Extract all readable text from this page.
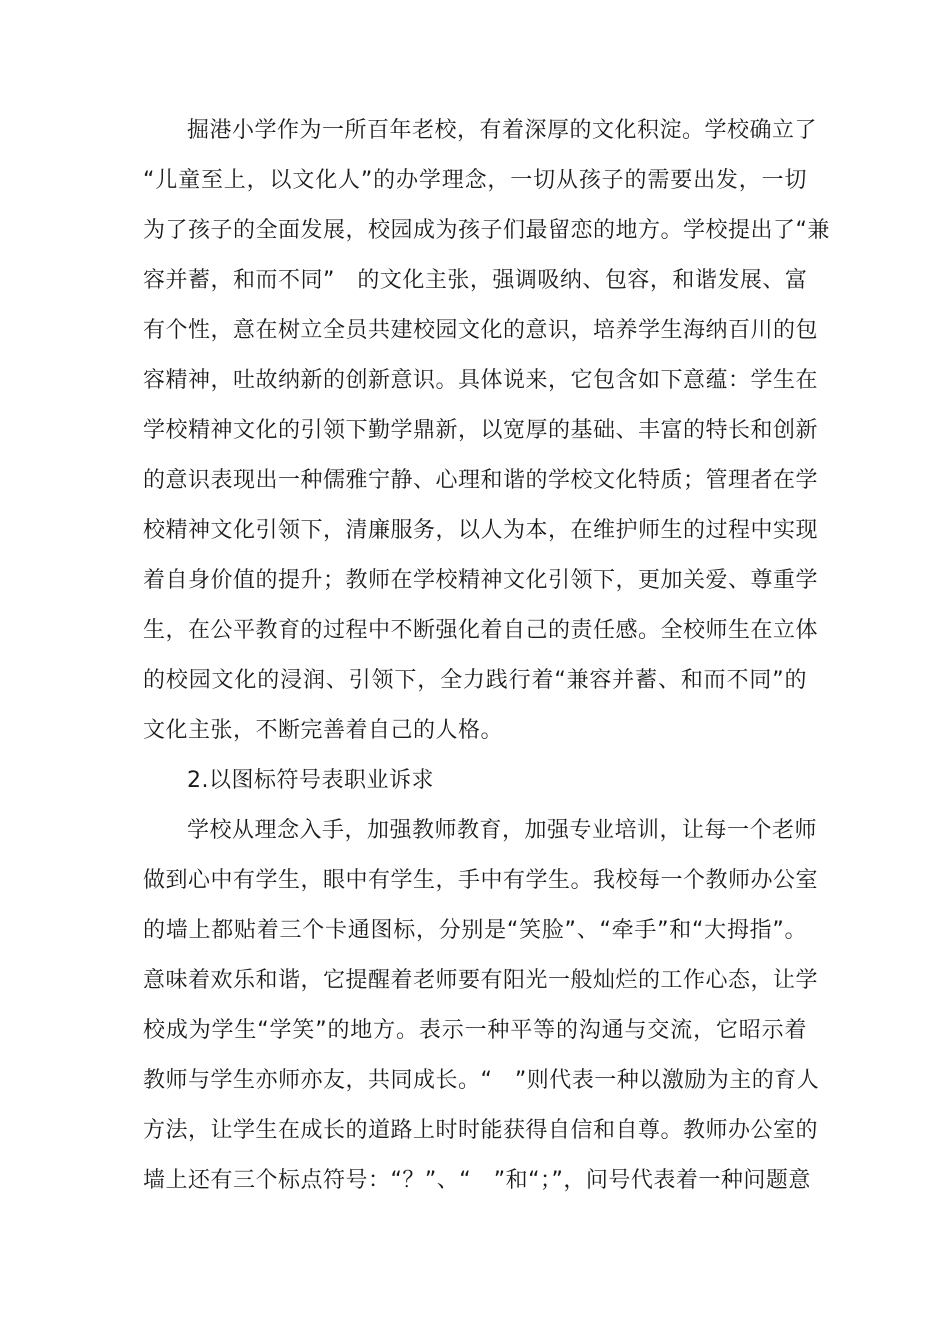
掘港小学作为一所百年老校，有着深厚的文化积淀。学校确立了
“儿童至上，以文化人”的办学理念，一切从孩子的需要出发，一切
为了孩子的全面发展，校园成为孩子们最留恋的地方。学校提出了“兼
容并蓄，和而不同”　的文化主张，强调吸纳、包容，和谐发展、富
有个性，意在树立全员共建校园文化的意识，培养学生海纳百川的包
容精神，吐故纳新的创新意识。具体说来，它包含如下意蕴：学生在
学校精神文化的引领下勤学鼎新，以宽厚的基础、丰富的特长和创新
的意识表现出一种儒雅宁静、心理和谐的学校文化特质；管理者在学
校精神文化引领下，清廉服务，以人为本，在维护师生的过程中实现
着自身价值的提升；教师在学校精神文化引领下，更加关爱、尊重学
生，在公平教育的过程中不断强化着自己的责任感。全校师生在立体
的校园文化的浸润、引领下，全力践行着“兼容并蓄、和而不同”的
文化主张，不断完善着自己的人格。
2.以图标符号表职业诉求
学校从理念入手，加强教师教育，加强专业培训，让每一个老师
做到心中有学生，眼中有学生，手中有学生。我校每一个教师办公室
的墙上都贴着三个卡通图标，分别是“笑脸”、“牵手”和“大拇指”。
意味着欢乐和谐，它提醒着老师要有阳光一般灿烂的工作心态，让学
校成为学生“学笑”的地方。表示一种平等的沟通与交流，它昭示着
教师与学生亦师亦友，共同成长。“　”则代表一种以激励为主的育人
方法，让学生在成长的道路上时时能获得自信和自尊。教师办公室的
墙上还有三个标点符号：“？”、“　”和“；”，问号代表着一种问题意
